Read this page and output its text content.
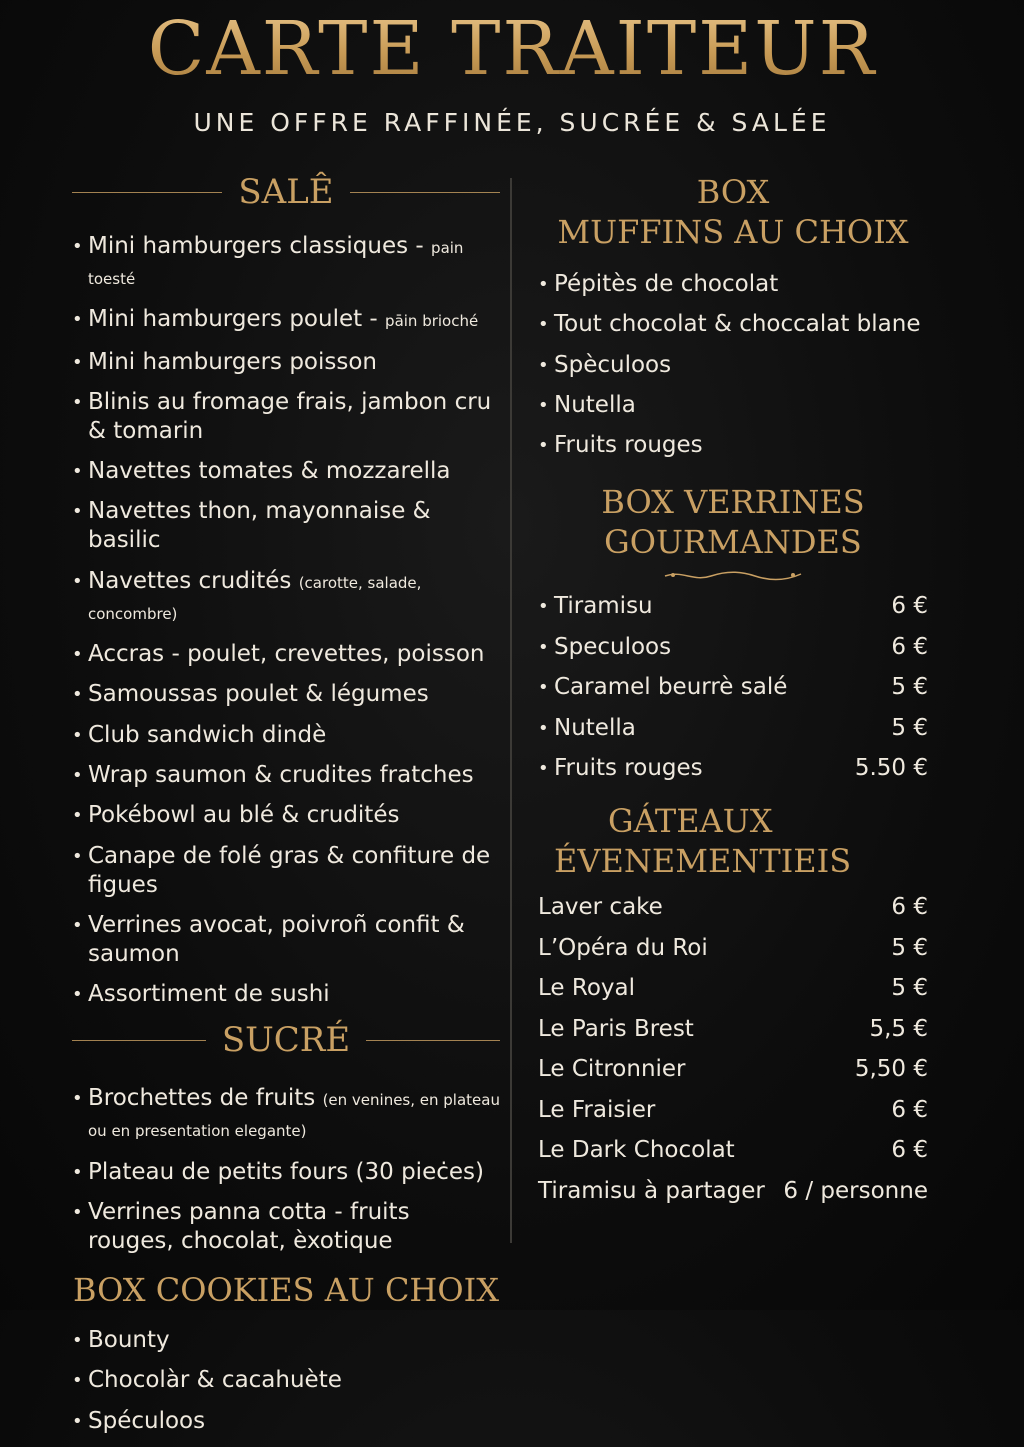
CARTE TRAITEUR
UNE OFFRE RAFFINÉE, SUCRÉE & SALÉE
SALÊ
• Mini hamburgers classiques - pain toesté
• Mini hamburgers poulet - pāin brioché
• Mini hamburgers poisson
• Blinis au fromage frais, jambon cru & tomarin
• Navettes tomates & mozzarella
• Navettes thon, mayonnaise & basilic
• Navettes crudités (carotte, salade, concombre)
• Accras - poulet, crevettes, poisson
• Samoussas poulet & légumes
• Club sandwich dindè
• Wrap saumon & crudites fratches
• Pokébowl au blé & crudités
• Canape de folé gras & confiture de figues
• Verrines avocat, poivroñ confit & saumon
• Assortiment de sushi
SUCRÉ
• Brochettes de fruits (en venines, en plateau ou en presentation elegante)
• Plateau de petits fours (30 pieċes)
• Verrines panna cotta - fruits rouges, chocolat, èxotique
BOX COOKIES AU CHOIX
• Bounty
• Chocolàr & cacahuète
• Spéculoos
BOX
MUFFINS AU CHOIX
• Pépitès de chocolat
• Tout chocolat & choccalat blane
• Spèculoos
• Nutella
• Fruits rouges
BOX VERRINES
GOURMANDES
• Tiramisu	6 €
• Speculoos	6 €
• Caramel beurrè salé	5 €
• Nutella	5 €
• Fruits rouges	5.50 €
GÁTEAUX
ÉVENEMENTIEIS
Laver cake	6 €
L’Opéra du Roi	5 €
Le Royal	5 €
Le Paris Brest	5,5 €
Le Citronnier	5,50 €
Le Fraisier	6 €
Le Dark Chocolat	6 €
Tiramisu à partager 6 / personne
